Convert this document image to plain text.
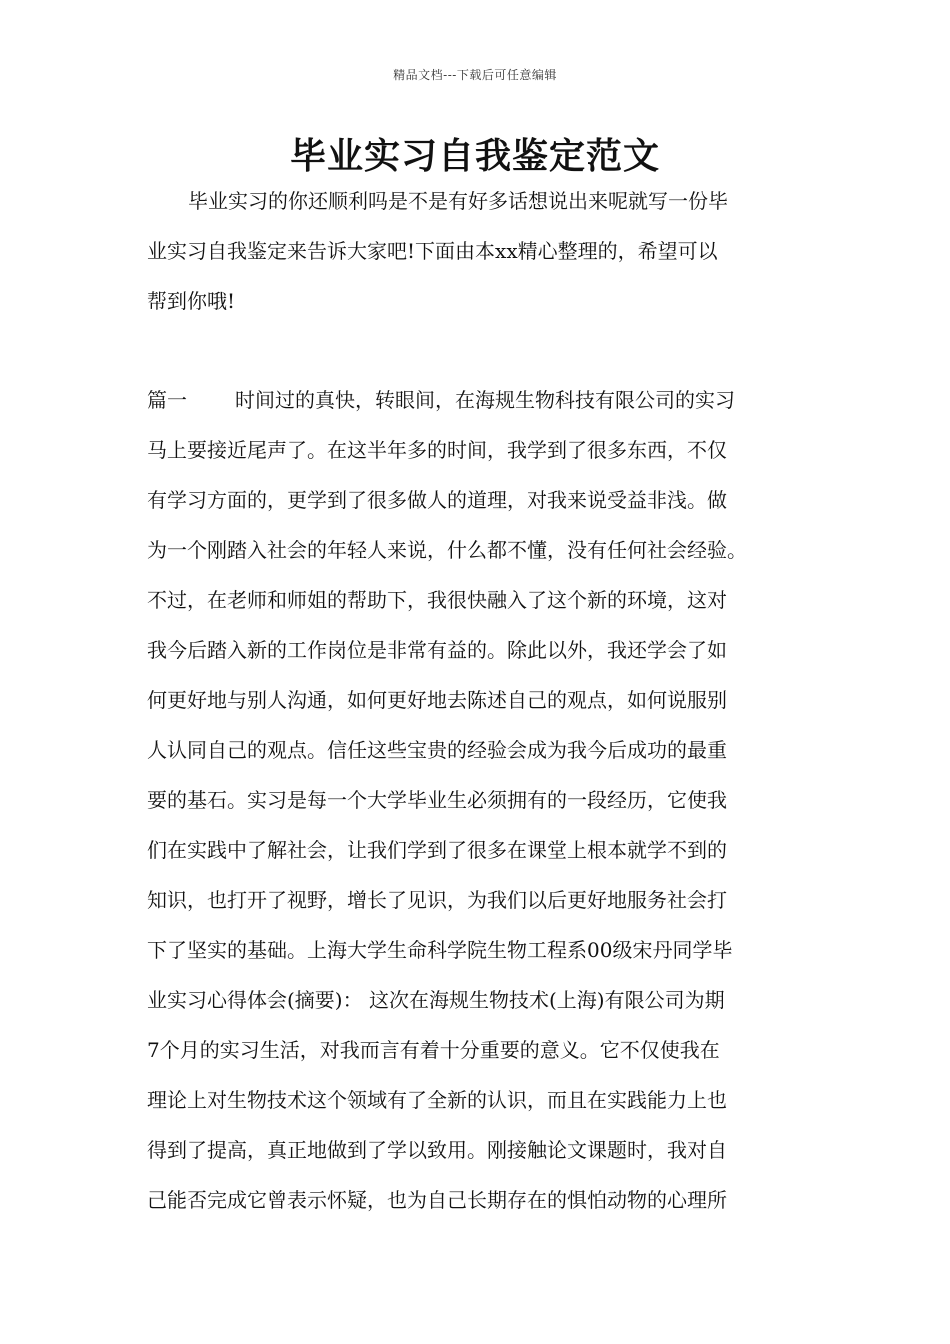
精品文档---下载后可任意编辑
毕业实习自我鉴定范文
毕业实习的你还顺利吗是不是有好多话想说出来呢就写一份毕
业实习自我鉴定来告诉大家吧!下面由本xx精心整理的，希望可以
帮到你哦!
篇一 时间过的真快，转眼间，在海规生物科技有限公司的实习
马上要接近尾声了。在这半年多的时间，我学到了很多东西，不仅
有学习方面的，更学到了很多做人的道理，对我来说受益非浅。做
为一个刚踏入社会的年轻人来说，什么都不懂，没有任何社会经验。
不过，在老师和师姐的帮助下，我很快融入了这个新的环境，这对
我今后踏入新的工作岗位是非常有益的。除此以外，我还学会了如
何更好地与别人沟通，如何更好地去陈述自己的观点，如何说服别
人认同自己的观点。信任这些宝贵的经验会成为我今后成功的最重
要的基石。实习是每一个大学毕业生必须拥有的一段经历，它使我
们在实践中了解社会，让我们学到了很多在课堂上根本就学不到的
知识，也打开了视野，增长了见识，为我们以后更好地服务社会打
下了坚实的基础。上海大学生命科学院生物工程系00级宋丹同学毕
业实习心得体会(摘要)： 这次在海规生物技术(上海)有限公司为期
7个月的实习生活，对我而言有着十分重要的意义。它不仅使我在
理论上对生物技术这个领域有了全新的认识，而且在实践能力上也
得到了提高，真正地做到了学以致用。刚接触论文课题时，我对自
己能否完成它曾表示怀疑，也为自己长期存在的惧怕动物的心理所
